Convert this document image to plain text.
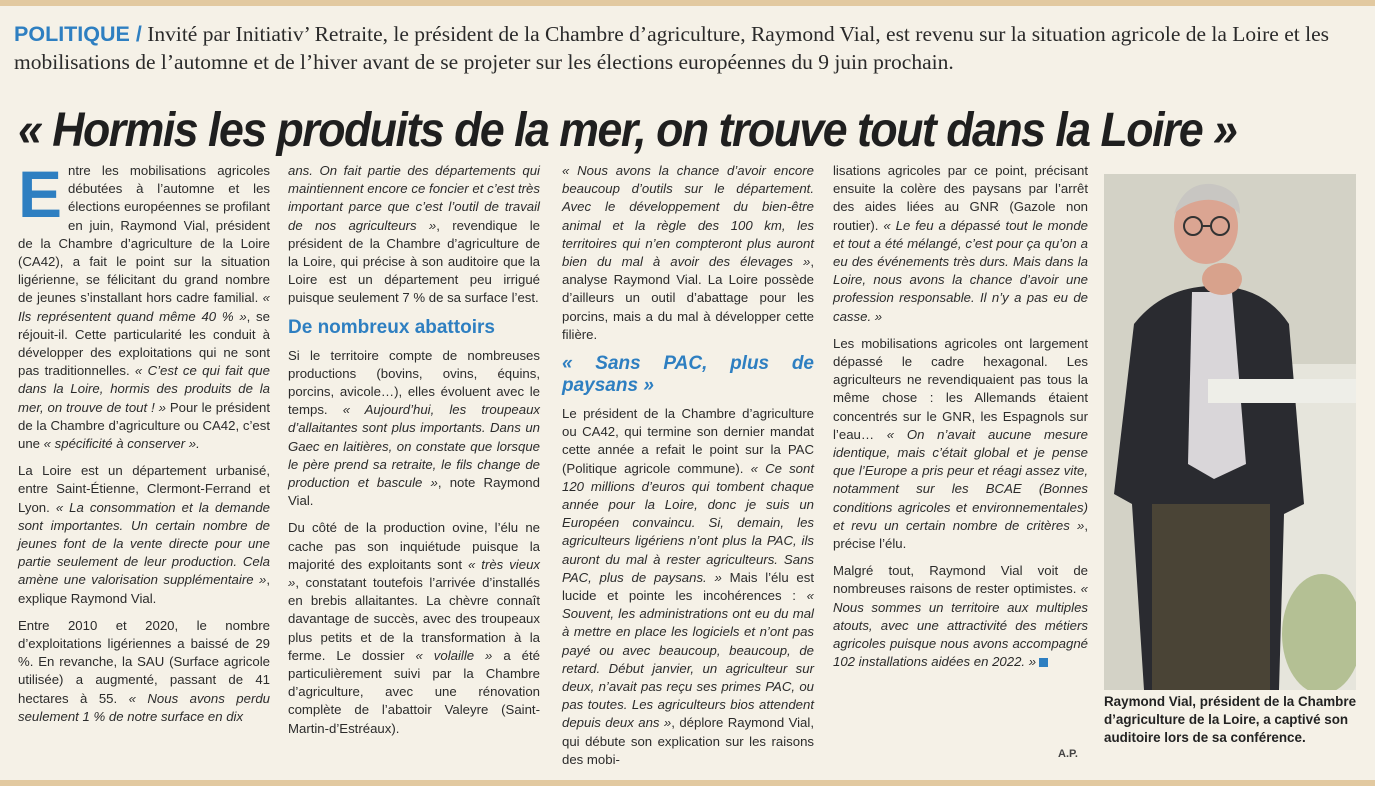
POLITIQUE / Invité par Initiativ’ Retraite, le président de la Chambre d’agriculture, Raymond Vial, est revenu sur la situation agricole de la Loire et les mobilisations de l’automne et de l’hiver avant de se projeter sur les élections européennes du 9 juin prochain.

« Hormis les produits de la mer, on trouve tout dans la Loire »

Entre les mobilisations agricoles débutées à l’automne et les élections européennes se profilant en juin, Raymond Vial, président de la Chambre d’agriculture de la Loire (CA42), a fait le point sur la situation ligérienne, se félicitant du grand nombre de jeunes s’installant hors cadre familial. « Ils représentent quand même 40 % », se réjouit-il. Cette particularité les conduit à développer des exploitations qui ne sont pas traditionnelles. « C’est ce qui fait que dans la Loire, hormis des produits de la mer, on trouve de tout ! » Pour le président de la Chambre d’agriculture ou CA42, c’est une « spécificité à conserver ».

La Loire est un département urbanisé, entre Saint-Étienne, Clermont-Ferrand et Lyon. « La consommation et la demande sont importantes. Un certain nombre de jeunes font de la vente directe pour une partie seulement de leur production. Cela amène une valorisation supplémentaire », explique Raymond Vial.

Entre 2010 et 2020, le nombre d’exploitations ligériennes a baissé de 29 %. En revanche, la SAU (Surface agricole utilisée) a augmenté, passant de 41 hectares à 55. « Nous avons perdu seulement 1 % de notre surface en dix

ans. On fait partie des départements qui maintiennent encore ce foncier et c’est très important parce que c’est l’outil de travail de nos agriculteurs », revendique le président de la Chambre d’agriculture de la Loire, qui précise à son auditoire que la Loire est un département peu irrigué puisque seulement 7 % de sa surface l’est.

De nombreux abattoirs

Si le territoire compte de nombreuses productions (bovins, ovins, équins, porcins, avicole…), elles évoluent avec le temps. « Aujourd’hui, les troupeaux d’allaitantes sont plus importants. Dans un Gaec en laitières, on constate que lorsque le père prend sa retraite, le fils change de production et bascule », note Raymond Vial.

Du côté de la production ovine, l’élu ne cache pas son inquiétude puisque la majorité des exploitants sont « très vieux », constatant toutefois l’arrivée d’installés en brebis allaitantes. La chèvre connaît davantage de succès, avec des troupeaux plus petits et de la transformation à la ferme. Le dossier « volaille » a été particulièrement suivi par la Chambre d’agriculture, avec une rénovation complète de l’abattoir Valeyre (Saint-Martin-d’Estréaux).

« Nous avons la chance d’avoir encore beaucoup d’outils sur le département. Avec le développement du bien-être animal et la règle des 100 km, les territoires qui n’en compteront plus auront bien du mal à avoir des élevages », analyse Raymond Vial. La Loire possède d’ailleurs un outil d’abattage pour les porcins, mais a du mal à développer cette filière.

« Sans PAC, plus de paysans »

Le président de la Chambre d’agriculture ou CA42, qui termine son dernier mandat cette année a refait le point sur la PAC (Politique agricole commune). « Ce sont 120 millions d’euros qui tombent chaque année pour la Loire, donc je suis un Européen convaincu. Si, demain, les agriculteurs ligériens n’ont plus la PAC, ils auront du mal à rester agriculteurs. Sans PAC, plus de paysans. » Mais l’élu est lucide et pointe les incohérences : « Souvent, les administrations ont eu du mal à mettre en place les logiciels et n’ont pas payé ou avec beaucoup, beaucoup, de retard. Début janvier, un agriculteur sur deux, n’avait pas reçu ses primes PAC, ou pas toutes. Les agriculteurs bios attendent depuis deux ans », déplore Raymond Vial, qui débute son explication sur les raisons des mobi-

lisations agricoles par ce point, précisant ensuite la colère des paysans par l’arrêt des aides liées au GNR (Gazole non routier). « Le feu a dépassé tout le monde et tout a été mélangé, c’est pour ça qu’on a eu des événements très durs. Mais dans la Loire, nous avons la chance d’avoir une profession responsable. Il n’y a pas eu de casse. »

Les mobilisations agricoles ont largement dépassé le cadre hexagonal. Les agriculteurs ne revendiquaient pas tous la même chose : les Allemands étaient concentrés sur le GNR, les Espagnols sur l’eau… « On n’avait aucune mesure identique, mais c’était global et je pense que l’Europe a pris peur et réagi assez vite, notamment sur les BCAE (Bonnes conditions agricoles et environnementales) et revu un certain nombre de critères », précise l’élu.

Malgré tout, Raymond Vial voit de nombreuses raisons de rester optimistes. « Nous sommes un territoire aux multiples atouts, avec une attractivité des métiers agricoles puisque nous avons accompagné 102 installations aidées en 2022. »

Raymond Vial, président de la Chambre d’agriculture de la Loire, a captivé son auditoire lors de sa conférence.

A.P.
